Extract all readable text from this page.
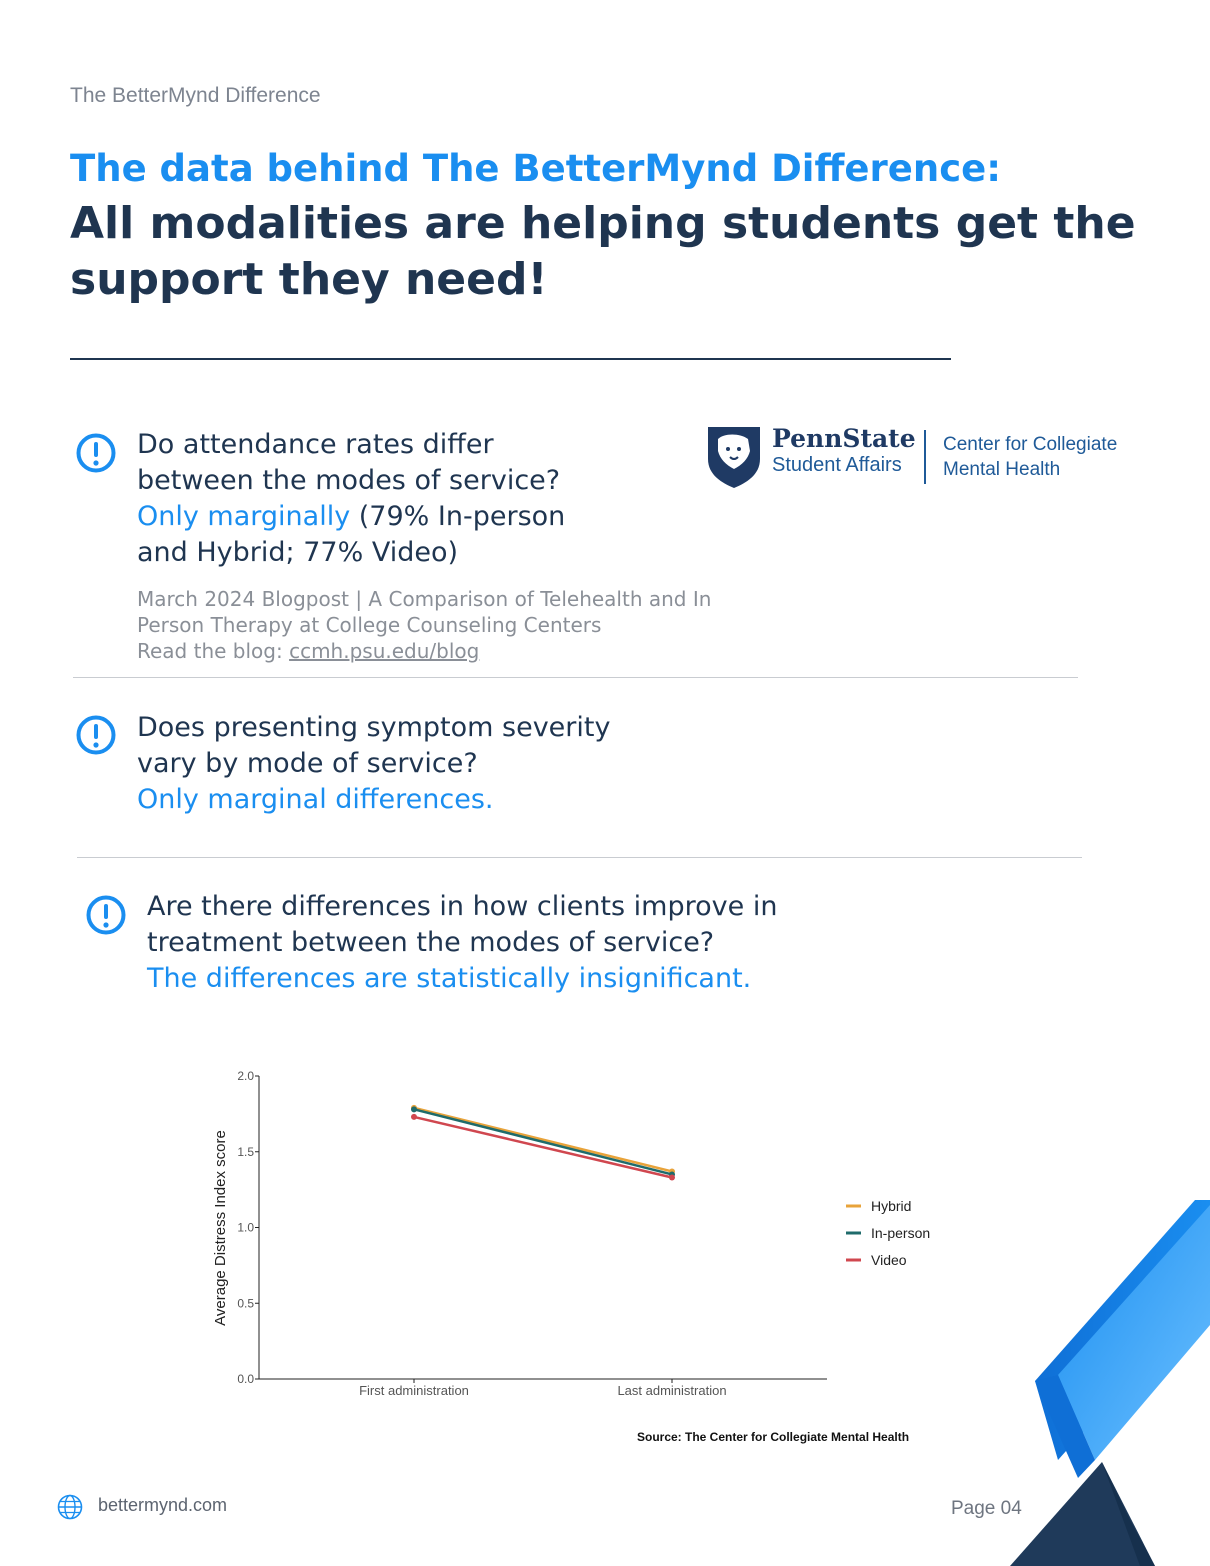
The BetterMynd Difference
The data behind The BetterMynd Difference:
All modalities are helping students get the support they need!
PennState
Student Affairs
Center for Collegiate
Mental Health
Do attendance rates differ
between the modes of service?
Only marginally (79% In-person
and Hybrid; 77% Video)
March 2024 Blogpost | A Comparison of Telehealth and In
Person Therapy at College Counseling Centers
Read the blog: ccmh.psu.edu/blog
Does presenting symptom severity
vary by mode of service?
Only marginal differences.
Are there differences in how clients improve in
treatment between the modes of service?
The differences are statistically insignificant.
0.0
0.5
1.0
1.5
2.0
First administration	Last administration
Average Distress Index score	Hybrid
In-person
Video
Source: The Center for Collegiate Mental Health
bettermynd.com	Page 04
